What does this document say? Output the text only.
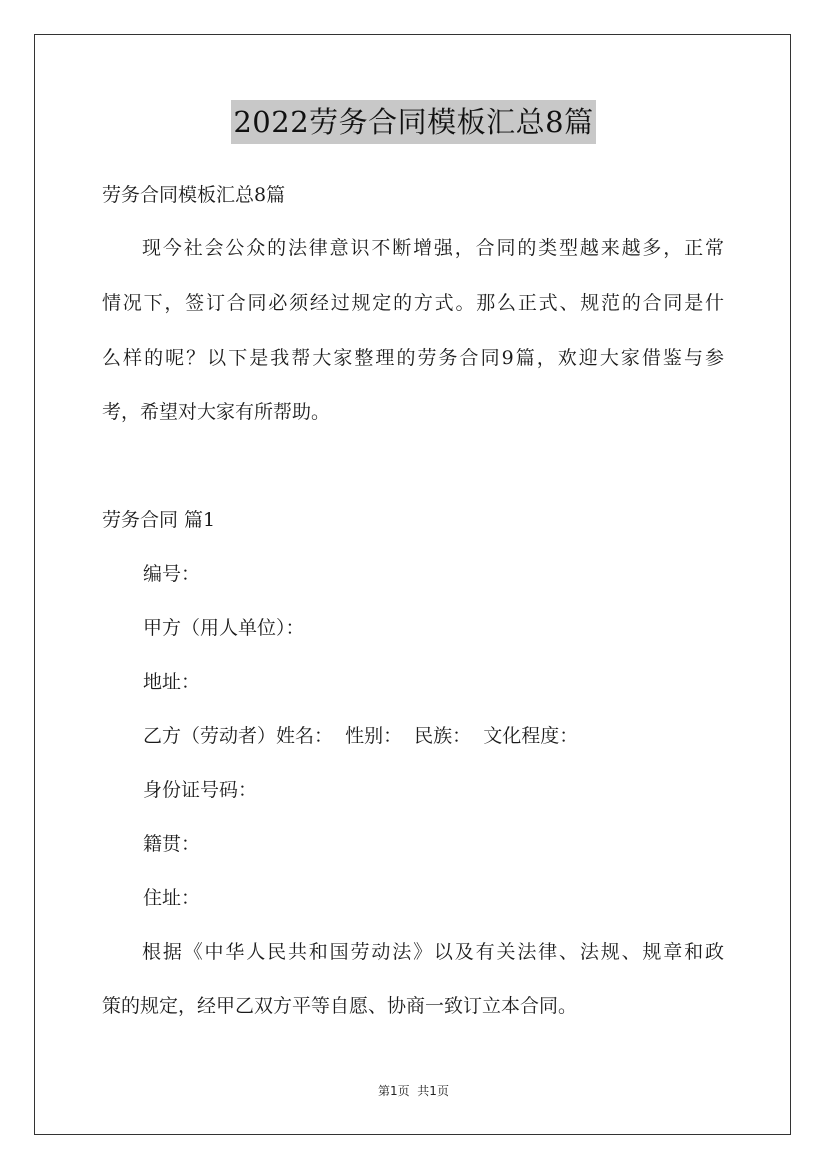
2022劳务合同模板汇总8篇
劳务合同模板汇总8篇
现今社会公众的法律意识不断增强，合同的类型越来越多，正常
情况下，签订合同必须经过规定的方式。那么正式、规范的合同是什
么样的呢？以下是我帮大家整理的劳务合同9篇，欢迎大家借鉴与参
考，希望对大家有所帮助。
劳务合同 篇1
编号：
甲方（用人单位）：
地址：
乙方（劳动者）姓名：  性别：  民族：  文化程度：
身份证号码：
籍贯：
住址：
根据《中华人民共和国劳动法》以及有关法律、法规、规章和政
策的规定，经甲乙双方平等自愿、协商一致订立本合同。
第1页  共1页
